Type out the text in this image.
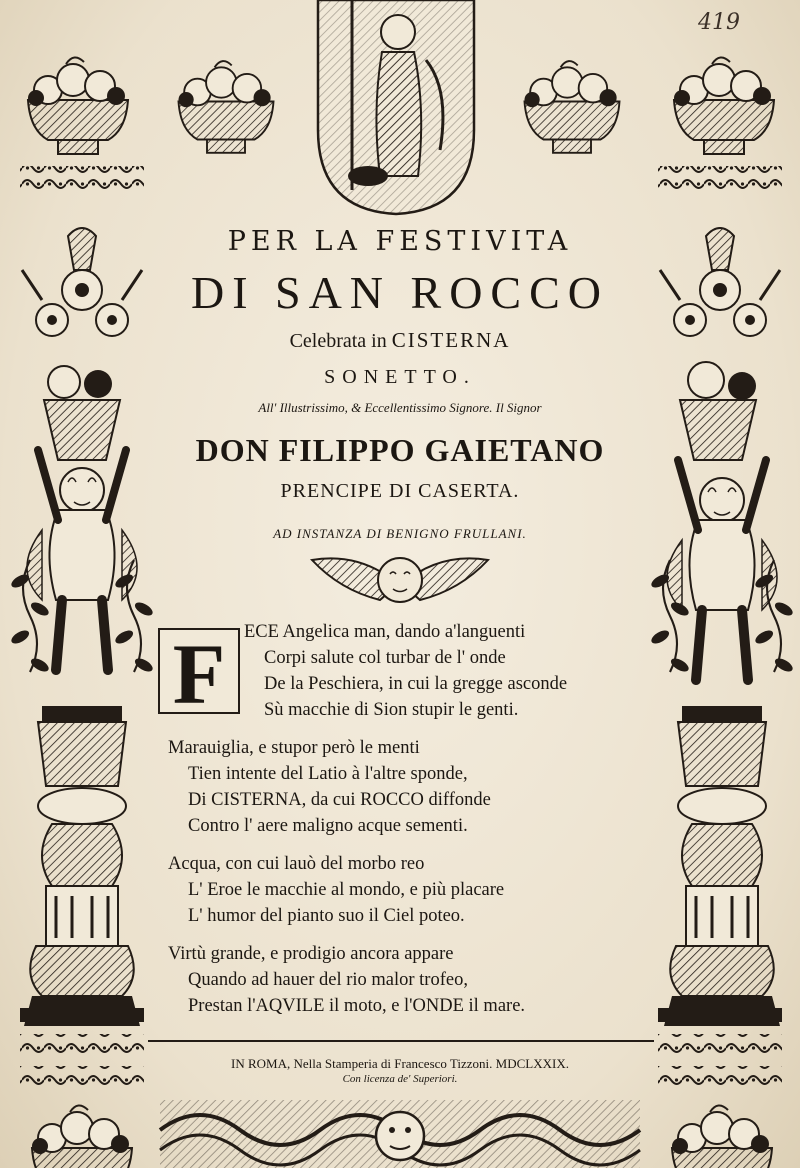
419
PER LA FESTIVITA
DI SAN ROCCO
Celebrata in CISTERNA
SONETTO.
All' Illustrissimo, & Eccellentissimo Signore. Il Signor
DON FILIPPO GAIETANO
PRENCIPE DI CASERTA.
AD INSTANZA DI BENIGNO FRULLANI.
F	ECE Angelica man, dando a'languenti
Corpi salute col turbar de l' onde
De la Peschiera, in cui la gregge asconde
Sù macchie di Sion stupir le genti.
Marauiglia, e stupor però le menti
Tien intente del Latio à l'altre sponde,
Di CISTERNA, da cui ROCCO diffonde
Contro l' aere maligno acque sementi.
Acqua, con cui lauò del morbo reo
L' Eroe le macchie al mondo, e più placare
L' humor del pianto suo il Ciel poteo.
Virtù grande, e prodigio ancora appare
Quando ad hauer del rio malor trofeo,
Prestan l'AQVILE il moto, e l'ONDE il mare.
IN ROMA, Nella Stamperia di Francesco Tizzoni. MDCLXXIX.
Con licenza de' Superiori.
